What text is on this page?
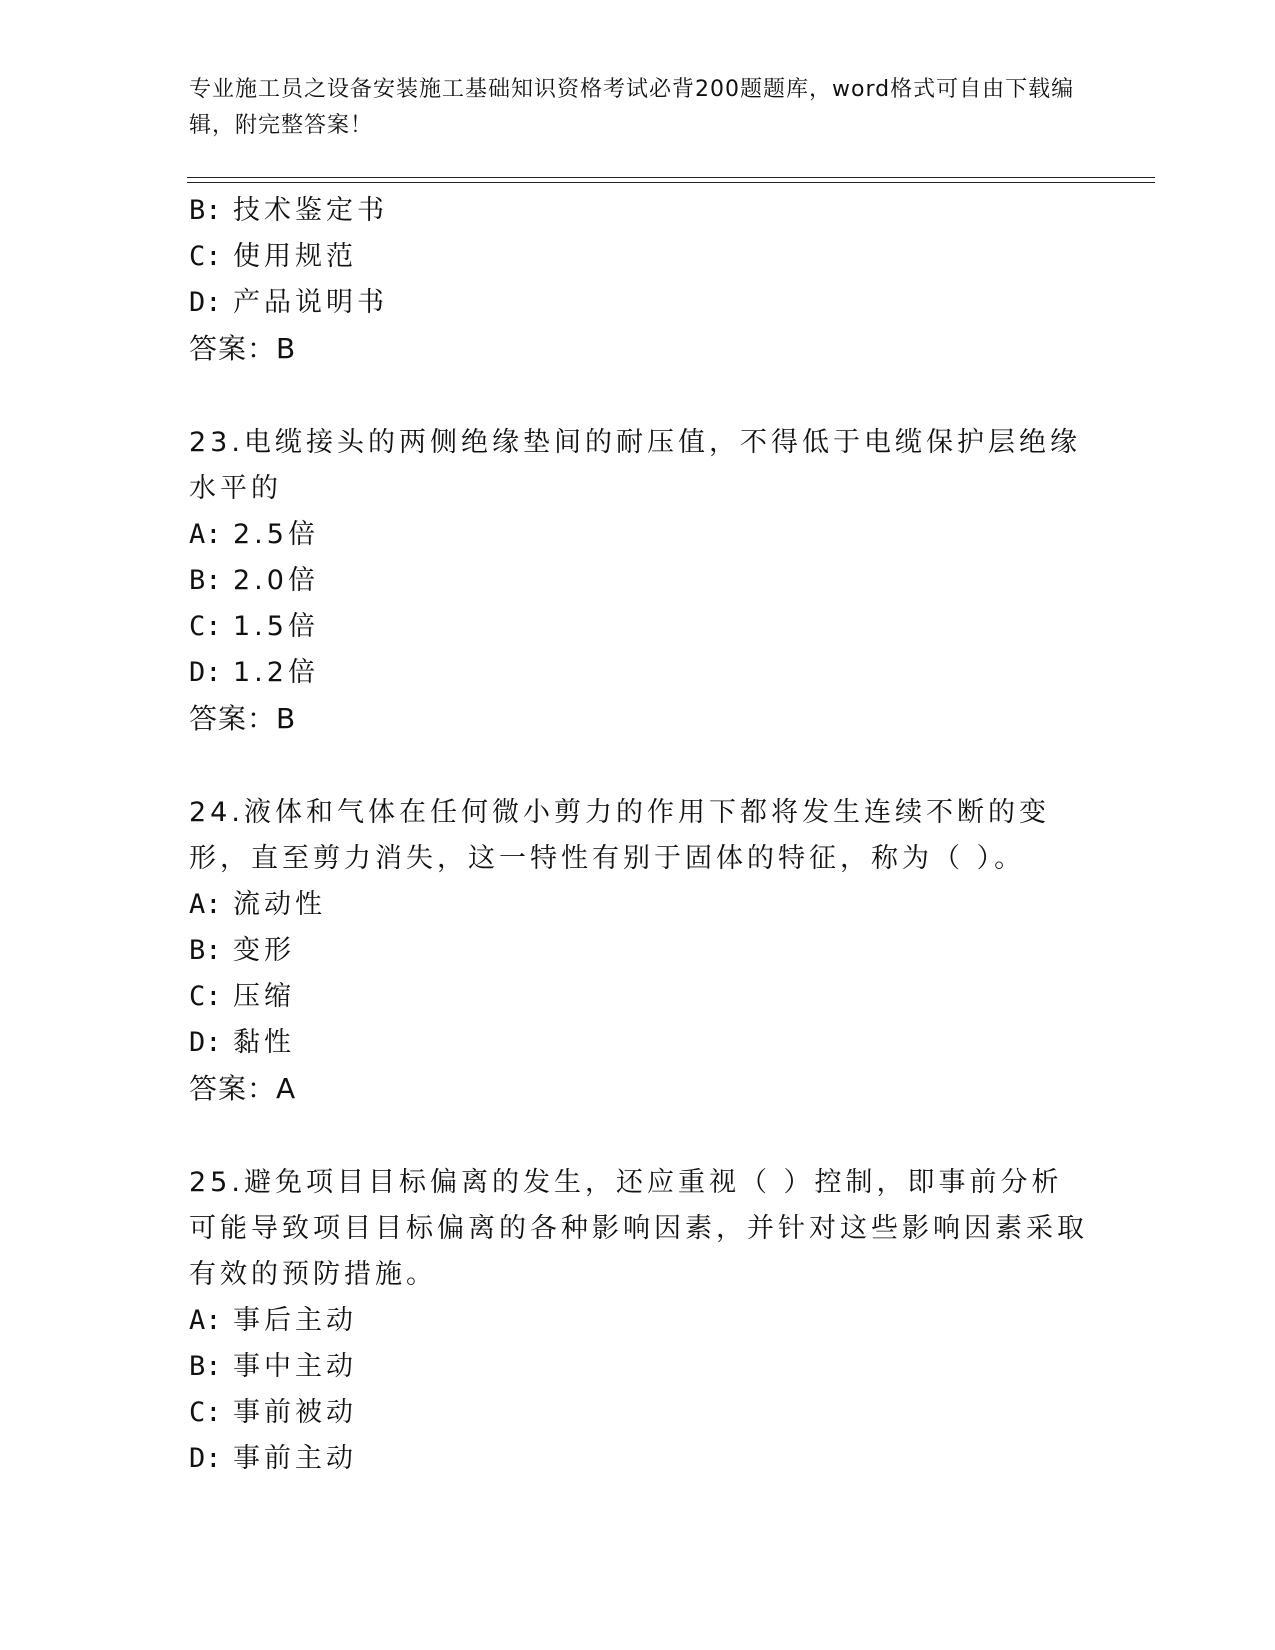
专业施工员之设备安装施工基础知识资格考试必背200题题库，word格式可自由下载编辑，附完整答案！
B: 技术鉴定书
C: 使用规范
D: 产品说明书
答案：B
23.电缆接头的两侧绝缘垫间的耐压值，不得低于电缆保护层绝缘水平的
A: 2.5倍
B: 2.0倍
C: 1.5倍
D: 1.2倍
答案：B
24.液体和气体在任何微小剪力的作用下都将发生连续不断的变形，直至剪力消失，这一特性有别于固体的特征，称为（ ）。
A: 流动性
B: 变形
C: 压缩
D: 黏性
答案：A
25.避免项目目标偏离的发生，还应重视（ ）控制，即事前分析可能导致项目目标偏离的各种影响因素，并针对这些影响因素采取有效的预防措施。
A: 事后主动
B: 事中主动
C: 事前被动
D: 事前主动
